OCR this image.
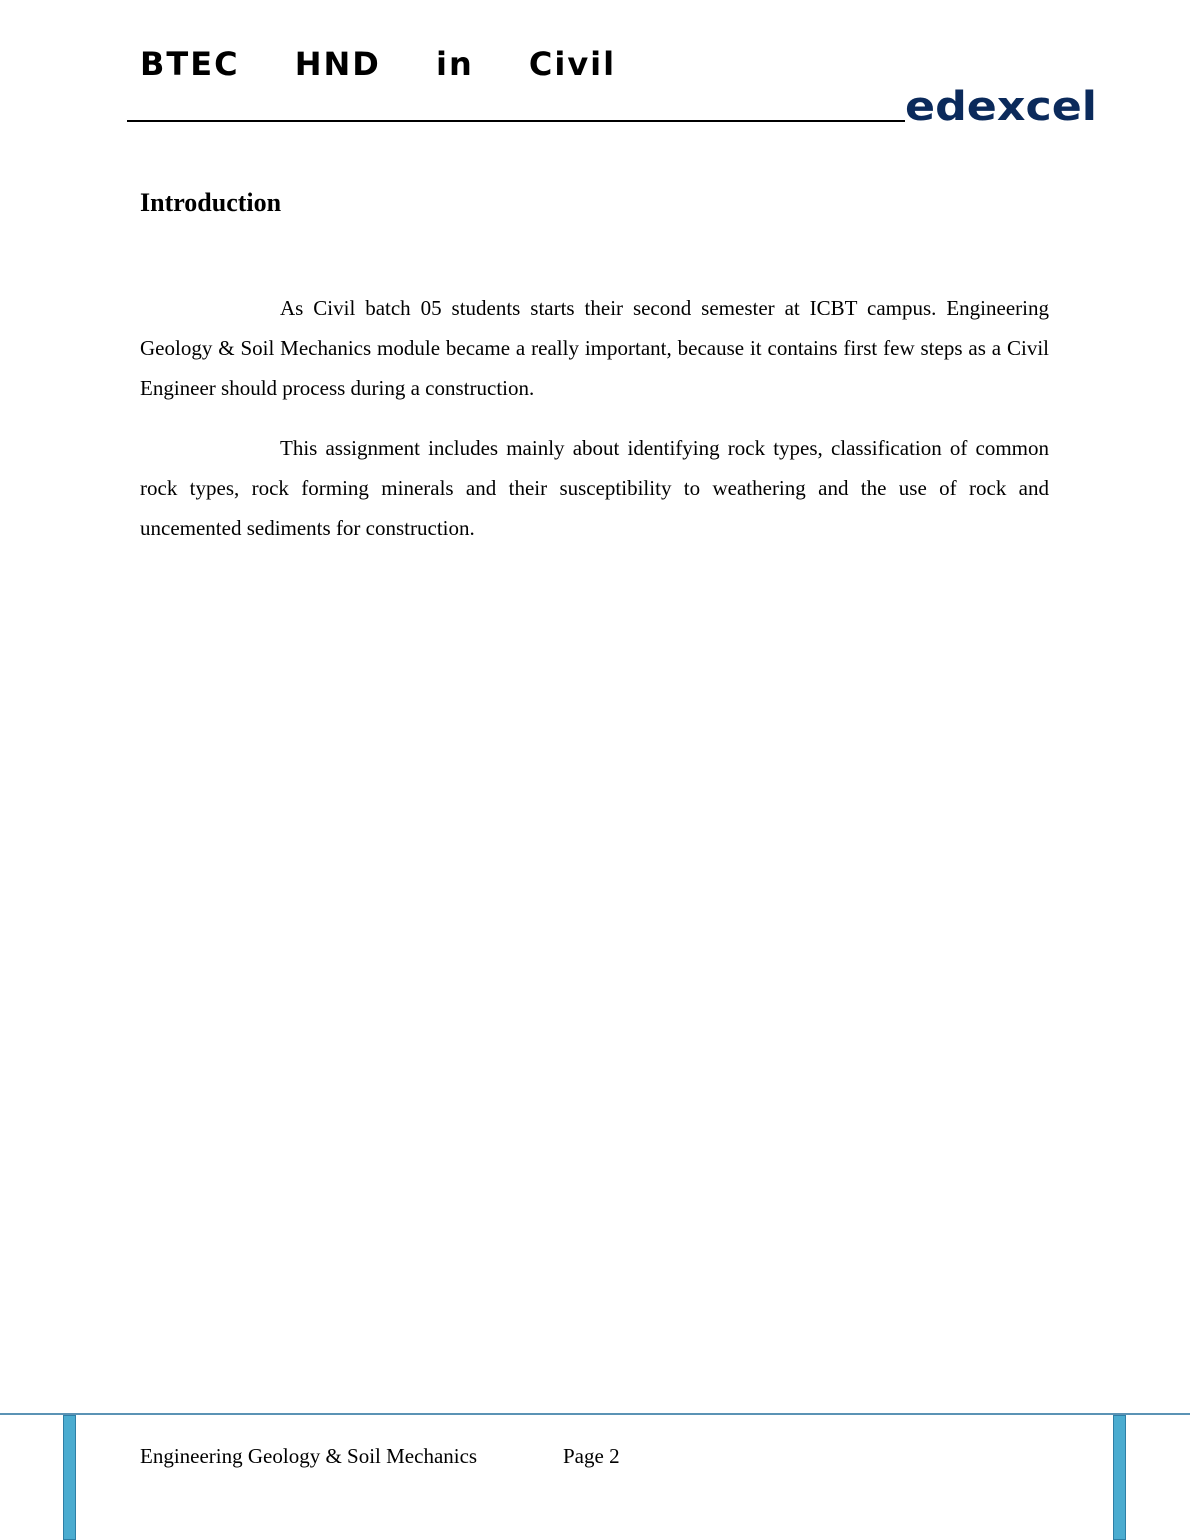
BTEC HND in Civil
edexcel
Introduction

As Civil batch 05 students starts their second semester at ICBT campus. Engineering Geology & Soil Mechanics module became a really important, because it contains first few steps as a Civil Engineer should process during a construction.

This assignment includes mainly about identifying rock types, classification of common rock types, rock forming minerals and their susceptibility to weathering and the use of rock and uncemented sediments for construction.

Engineering Geology & Soil Mechanics	Page 2
